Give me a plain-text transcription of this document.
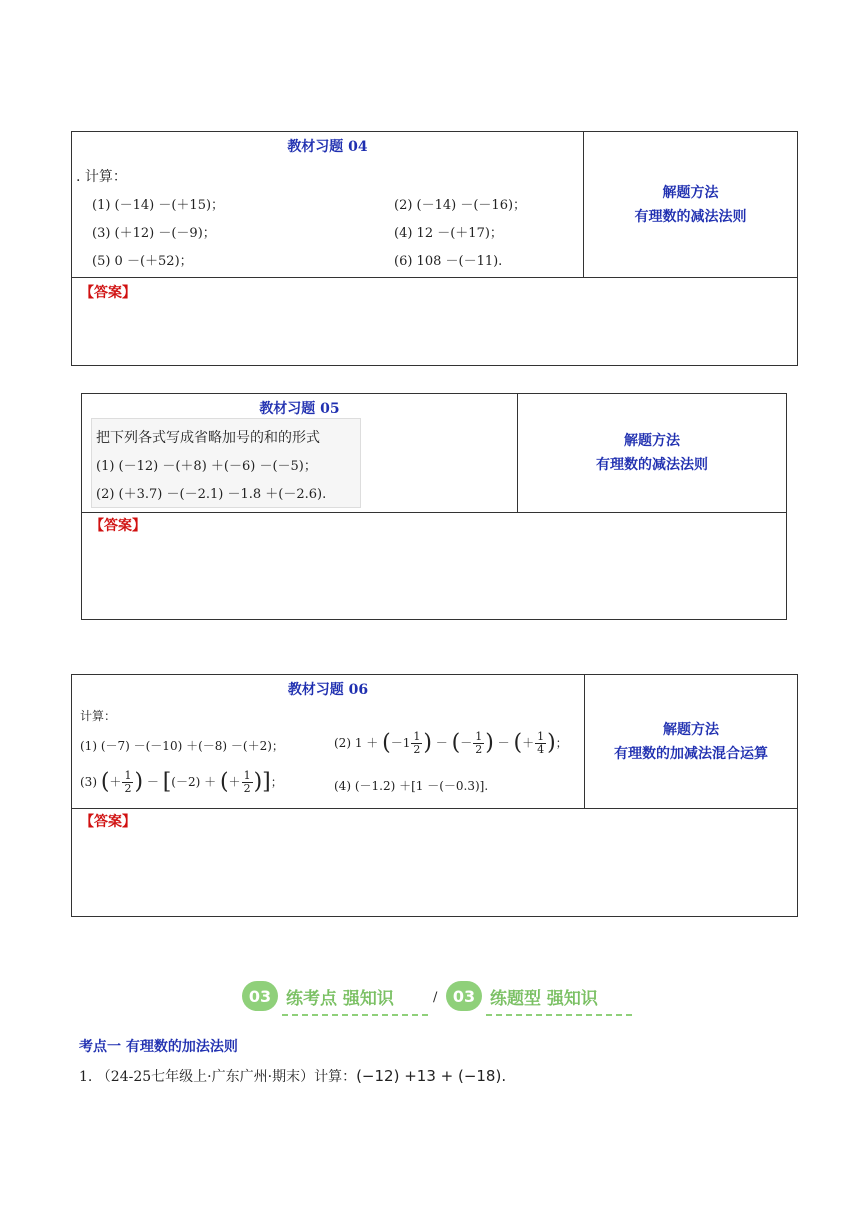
教材习题 04
. 计算：
(1) (－14) －(＋15)；	(2) (－14) －(－16)；
(3) (＋12) －(－9)；	(4) 12 －(＋17)；
(5) 0 －(＋52)；	(6) 108 －(－11).
解题方法
有理数的减法法则
【答案】
教材习题 05
把下列各式写成省略加号的和的形式
(1) (－12) －(＋8) ＋(－6) －(－5)；
(2) (＋3.7) －(－2.1) －1.8 ＋(－2.6).
解题方法
有理数的减法法则
【答案】
教材习题 06
计算：
(1) (－7) －(－10) ＋(－8) －(＋2)；	(2) $1 + (-1 \frac{1}{2}$ ) － (－ $\frac{1}{2}$ ) － (＋ $\frac{1}{4}$ )；
(3) (＋ $\frac{1}{2}$ ) － [(－2) ＋ (＋ $\frac{1}{2}$ )]；	(4) (－1.2) ＋[1 －(－0.3)].
解题方法
有理数的加减法混合运算
【答案】
03 练考点 强知识	/ 03 练题型 强知识
考点一 有理数的加法法则
1. （24-25七年级上·广东广州·期末）计算：(−12) +13 + (−18).
